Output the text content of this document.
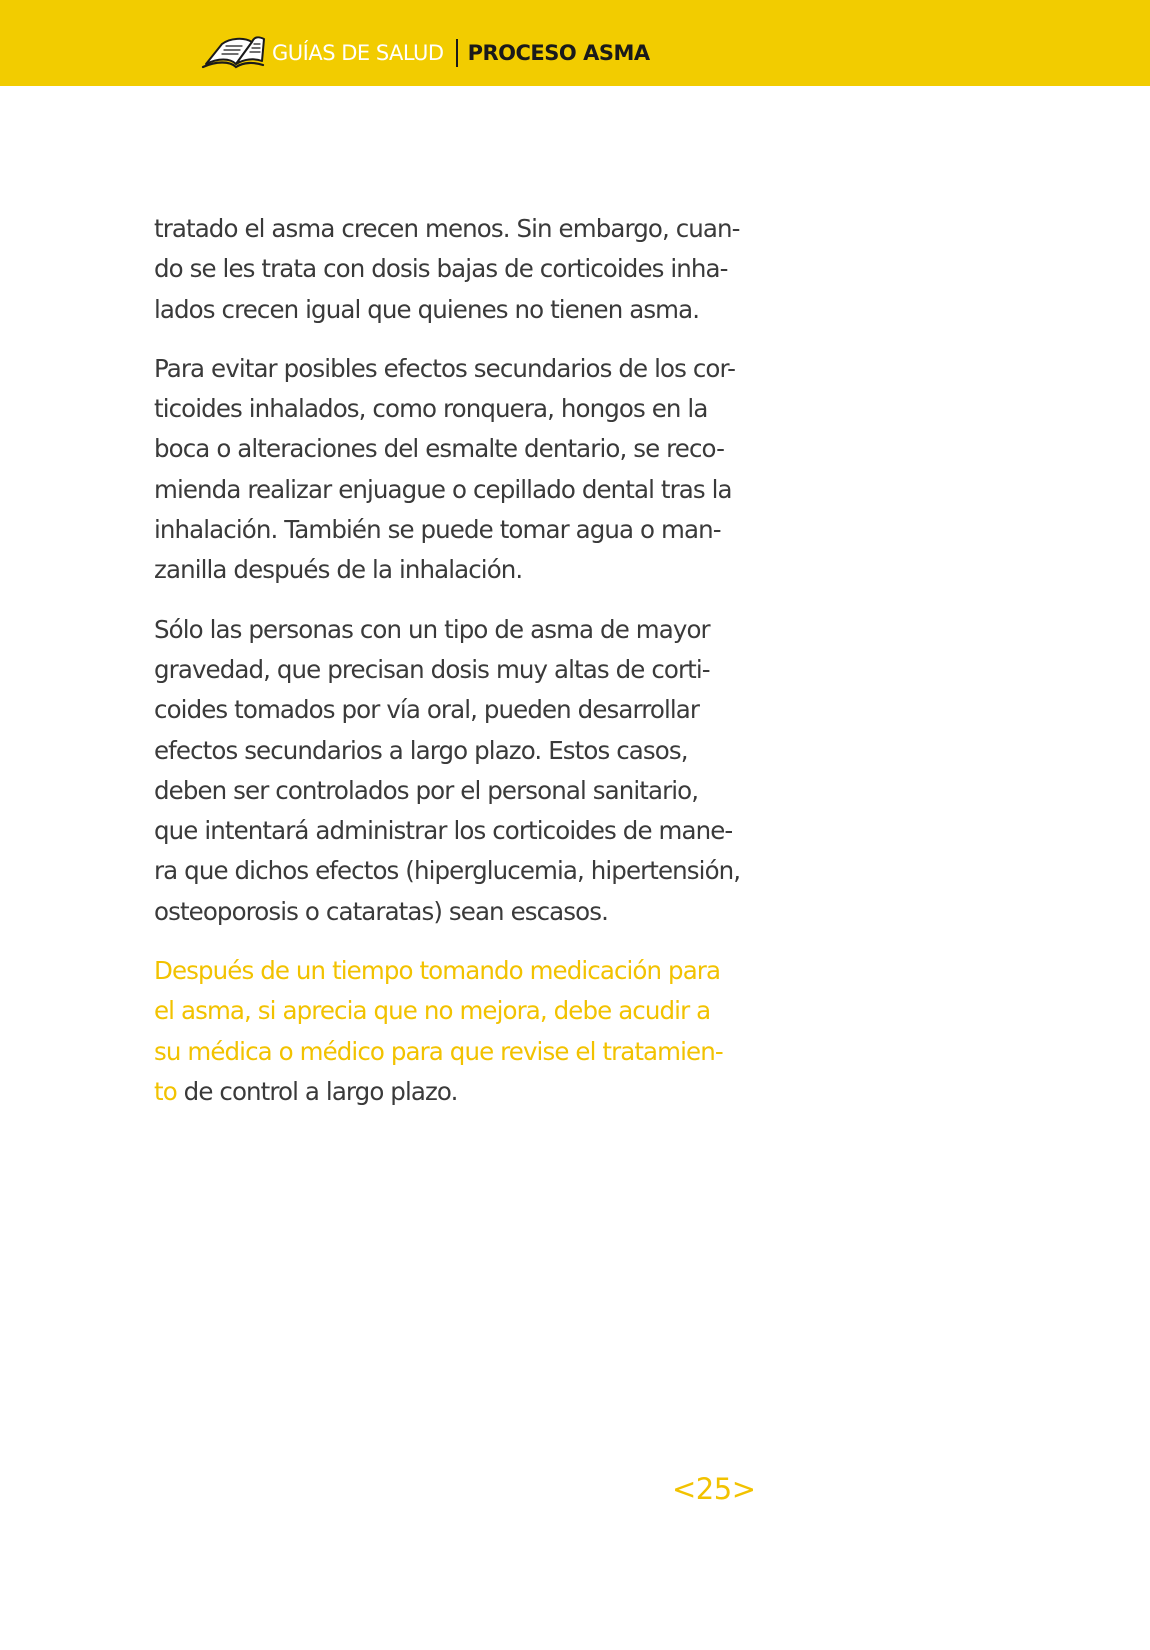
GUÍAS DE SALUD PROCESO ASMA
tratado el asma crecen menos. Sin embargo, cuan-
do se les trata con dosis bajas de corticoides inha-
lados crecen igual que quienes no tienen asma.
Para evitar posibles efectos secundarios de los cor-
ticoides inhalados, como ronquera, hongos en la
boca o alteraciones del esmalte dentario, se reco-
mienda realizar enjuague o cepillado dental tras la
inhalación. También se puede tomar agua o man-
zanilla después de la inhalación.
Sólo las personas con un tipo de asma de mayor
gravedad, que precisan dosis muy altas de corti-
coides tomados por vía oral, pueden desarrollar
efectos secundarios a largo plazo. Estos casos,
deben ser controlados por el personal sanitario,
que intentará administrar los corticoides de mane-
ra que dichos efectos (hiperglucemia, hipertensión,
osteoporosis o cataratas) sean escasos.
Después de un tiempo tomando medicación para
el asma, si aprecia que no mejora, debe acudir a
su médica o médico para que revise el tratamien-
to de control a largo plazo.
<25>
